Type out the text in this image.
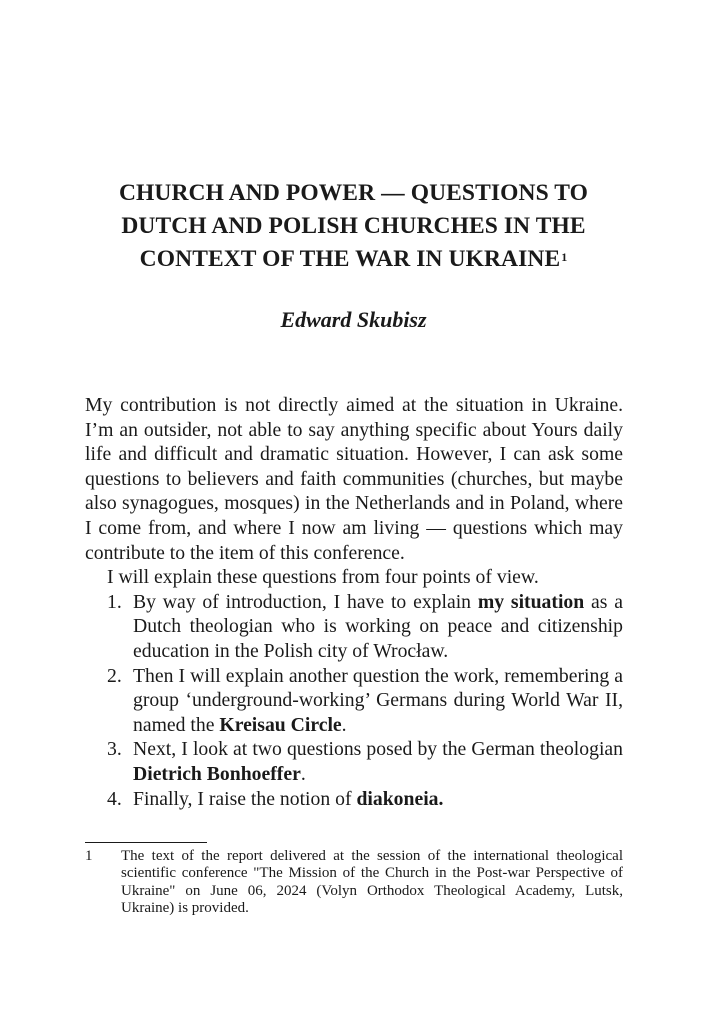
CHURCH AND POWER — QUESTIONS TO
DUTCH AND POLISH CHURCHES IN THE
CONTEXT OF THE WAR IN UKRAINE$^1$
Edward Skubisz

My contribution is not directly aimed at the situation in Ukraine. I’m an outsider, not able to say anything specific about Yours daily life and difficult and dramatic situation. However, I can ask some questions to believers and faith communities (churches, but maybe also synagogues, mosques) in the Netherlands and in Poland, where I come from, and where I now am living — questions which may contribute to the item of this conference.

I will explain these questions from four points of view.

1. By way of introduction, I have to explain my situation as a Dutch theologian who is working on peace and citizenship education in the Polish city of Wrocław.
2. Then I will explain another question the work, remembering a group ‘underground-working’ Germans during World War II, named the Kreisau Circle.
3. Next, I look at two questions posed by the German theologian Dietrich Bonhoeffer.
4. Finally, I raise the notion of diakoneia.
1	The text of the report delivered at the session of the international theological scientific conference "The Mission of the Church in the Post-war Perspective of Ukraine" on June 06, 2024 (Volyn Orthodox Theological Academy, Lutsk, Ukraine) is provided.
